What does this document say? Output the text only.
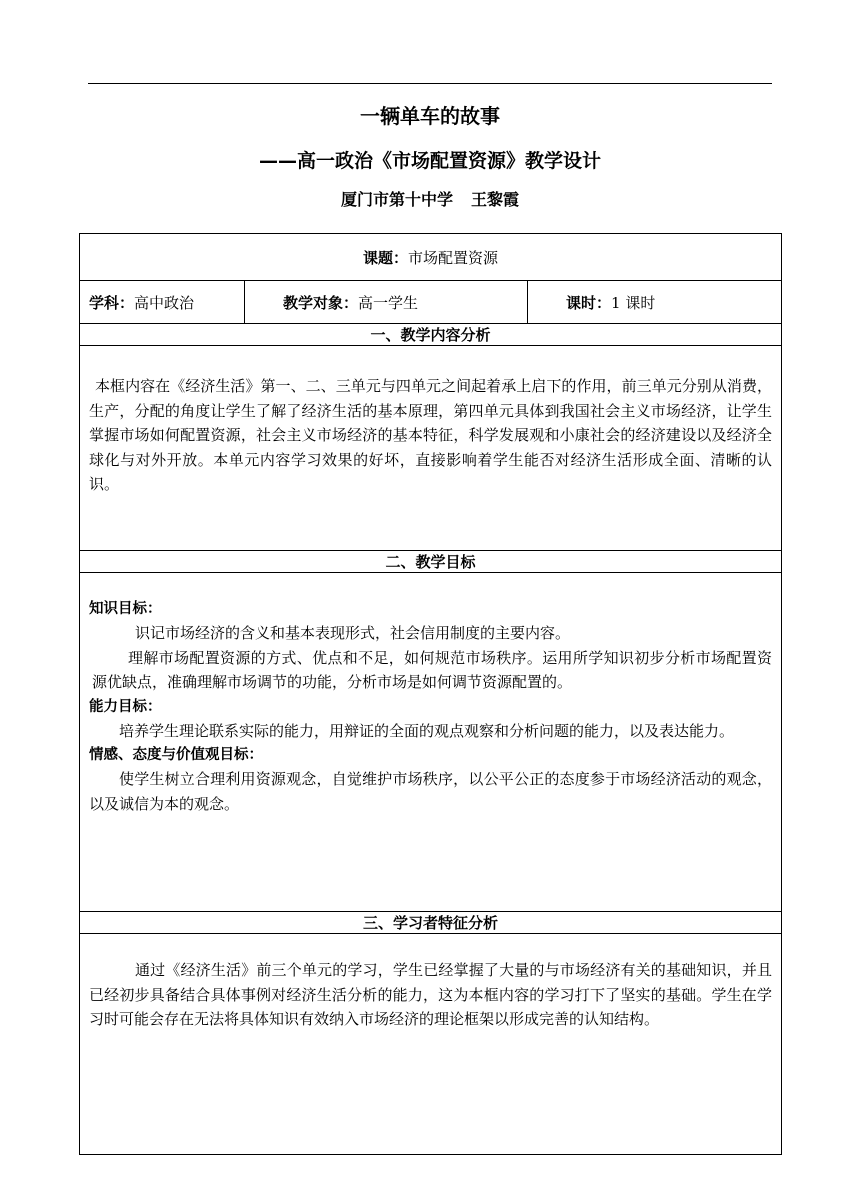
一辆单车的故事
——高一政治《市场配置资源》教学设计
厦门市第十中学 王黎霞
课题：市场配置资源
学科：高中政治	教学对象：高一学生	课时：1 课时
一、教学内容分析

本框内容在《经济生活》第一、二、三单元与四单元之间起着承上启下的作用，前三单元分别从消费，生产，分配的角度让学生了解了经济生活的基本原理，第四单元具体到我国社会主义市场经济，让学生掌握市场如何配置资源，社会主义市场经济的基本特征，科学发展观和小康社会的经济建设以及经济全球化与对外开放。本单元内容学习效果的好坏，直接影响着学生能否对经济生活形成全面、清晰的认识。

二、教学目标

知识目标：

识记市场经济的含义和基本表现形式，社会信用制度的主要内容。

理解市场配置资源的方式、优点和不足，如何规范市场秩序。运用所学知识初步分析市场配置资源优缺点，准确理解市场调节的功能，分析市场是如何调节资源配置的。

能力目标：

培养学生理论联系实际的能力，用辩证的全面的观点观察和分析问题的能力，以及表达能力。

情感、态度与价值观目标：

使学生树立合理利用资源观念，自觉维护市场秩序，以公平公正的态度参于市场经济活动的观念，以及诚信为本的观念。

三、学习者特征分析

通过《经济生活》前三个单元的学习，学生已经掌握了大量的与市场经济有关的基础知识，并且已经初步具备结合具体事例对经济生活分析的能力，这为本框内容的学习打下了坚实的基础。学生在学习时可能会存在无法将具体知识有效纳入市场经济的理论框架以形成完善的认知结构。
